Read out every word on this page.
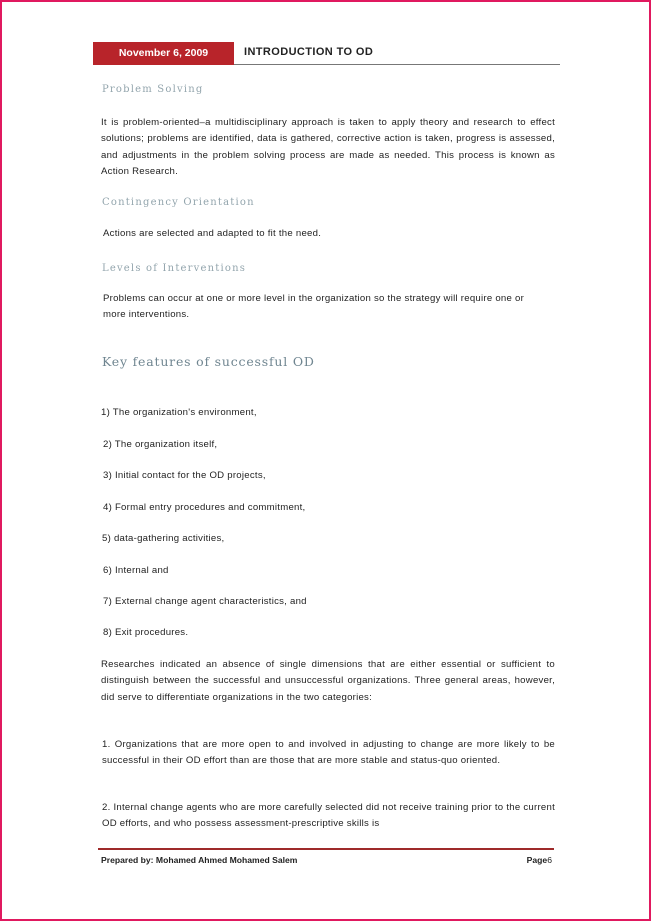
November 6, 2009	INTRODUCTION TO OD
Problem Solving

It is problem-oriented–a multidisciplinary approach is taken to apply theory and research to effect solutions; problems are identified, data is gathered, corrective action is taken, progress is assessed, and adjustments in the problem solving process are made as needed. This process is known as Action Research.

Contingency Orientation
Actions are selected and adapted to fit the need.
Levels of Interventions

Problems can occur at one or more level in the organization so the strategy will require one or more interventions.

Key features of successful OD
1) The organization's environment,
2) The organization itself,
3) Initial contact for the OD projects,
4) Formal entry procedures and commitment,
5) data-gathering activities,
6) Internal and
7) External change agent characteristics, and
8) Exit procedures.

Researches indicated an absence of single dimensions that are either essential or sufficient to distinguish between the successful and unsuccessful organizations. Three general areas, however, did serve to differentiate organizations in the two categories:

1. Organizations that are more open to and involved in adjusting to change are more likely to be successful in their OD effort than are those that are more stable and status-quo oriented.

2. Internal change agents who are more carefully selected did not receive training prior to the current OD efforts, and who possess assessment-prescriptive skills is

Prepared by: Mohamed Ahmed Mohamed Salem	Page6
